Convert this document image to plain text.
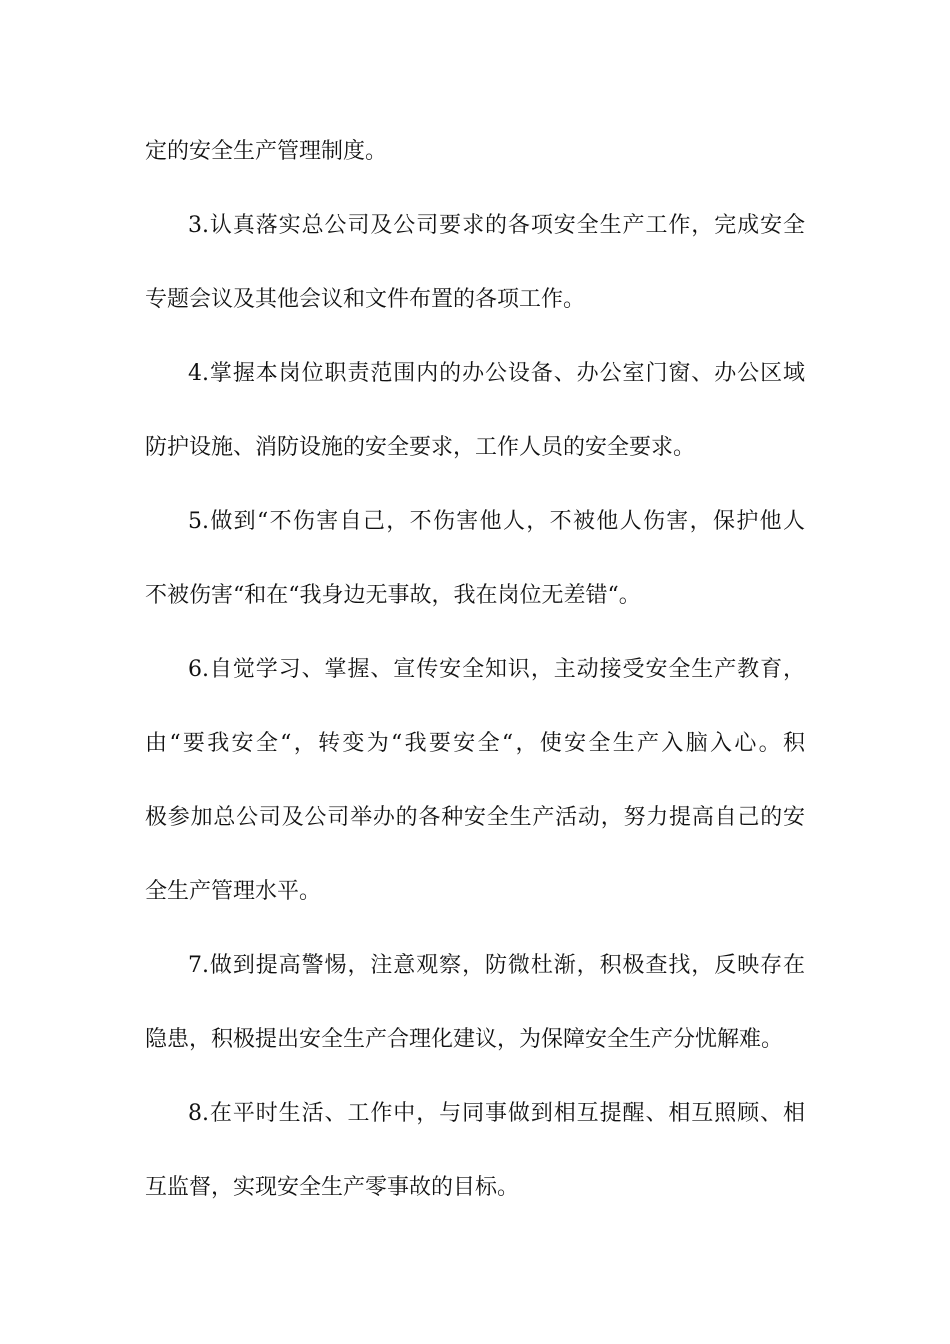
定的安全生产管理制度。
3.认真落实总公司及公司要求的各项安全生产工作，完成安全
专题会议及其他会议和文件布置的各项工作。
4.掌握本岗位职责范围内的办公设备、办公室门窗、办公区域
防护设施、消防设施的安全要求，工作人员的安全要求。
5.做到“不伤害自己，不伤害他人，不被他人伤害，保护他人
不被伤害“和在“我身边无事故，我在岗位无差错“。
6.自觉学习、掌握、宣传安全知识，主动接受安全生产教育，
由“要我安全“，转变为“我要安全“，使安全生产入脑入心。积
极参加总公司及公司举办的各种安全生产活动，努力提高自己的安
全生产管理水平。
7.做到提高警惕，注意观察，防微杜渐，积极查找，反映存在
隐患，积极提出安全生产合理化建议，为保障安全生产分忧解难。
8.在平时生活、工作中，与同事做到相互提醒、相互照顾、相
互监督，实现安全生产零事故的目标。
